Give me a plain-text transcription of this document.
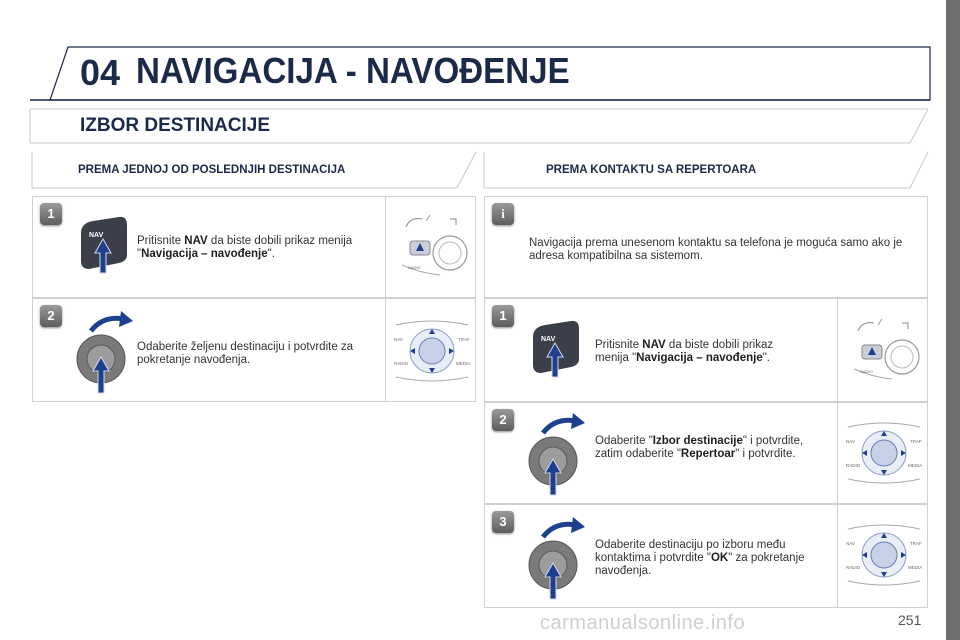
04 NAVIGACIJA - NAVOĐENJE
IZBOR DESTINACIJE
PREMA JEDNOJ OD POSLEDNJIH DESTINACIJA	PREMA KONTAKTU SA REPERTOARA
1
NAV	Pritisnite NAV da biste dobili prikaz menija "Navigacija – navođenje".
RADIO
2
Odaberite željenu destinaciju i potvrdite za pokretanje navođenja.
NAV	TRAF
RADIO	MEDIA
i
Navigacija prema unesenom kontaktu sa telefona je moguća samo ako je adresa kompatibilna sa sistemom.
1
NAV	Pritisnite NAV da biste dobili prikaz menija "Navigacija – navođenje".
RADIO
2
Odaberite "Izbor destinacije" i potvrdite, zatim odaberite "Repertoar" i potvrdite.
NAV	TRAF
RADIO	MEDIA
3
Odaberite destinaciju po izboru među kontaktima i potvrdite "OK" za pokretanje navođenja.
NAV	TRAF
RADIO	MEDIA
carmanualsonline.info	251
